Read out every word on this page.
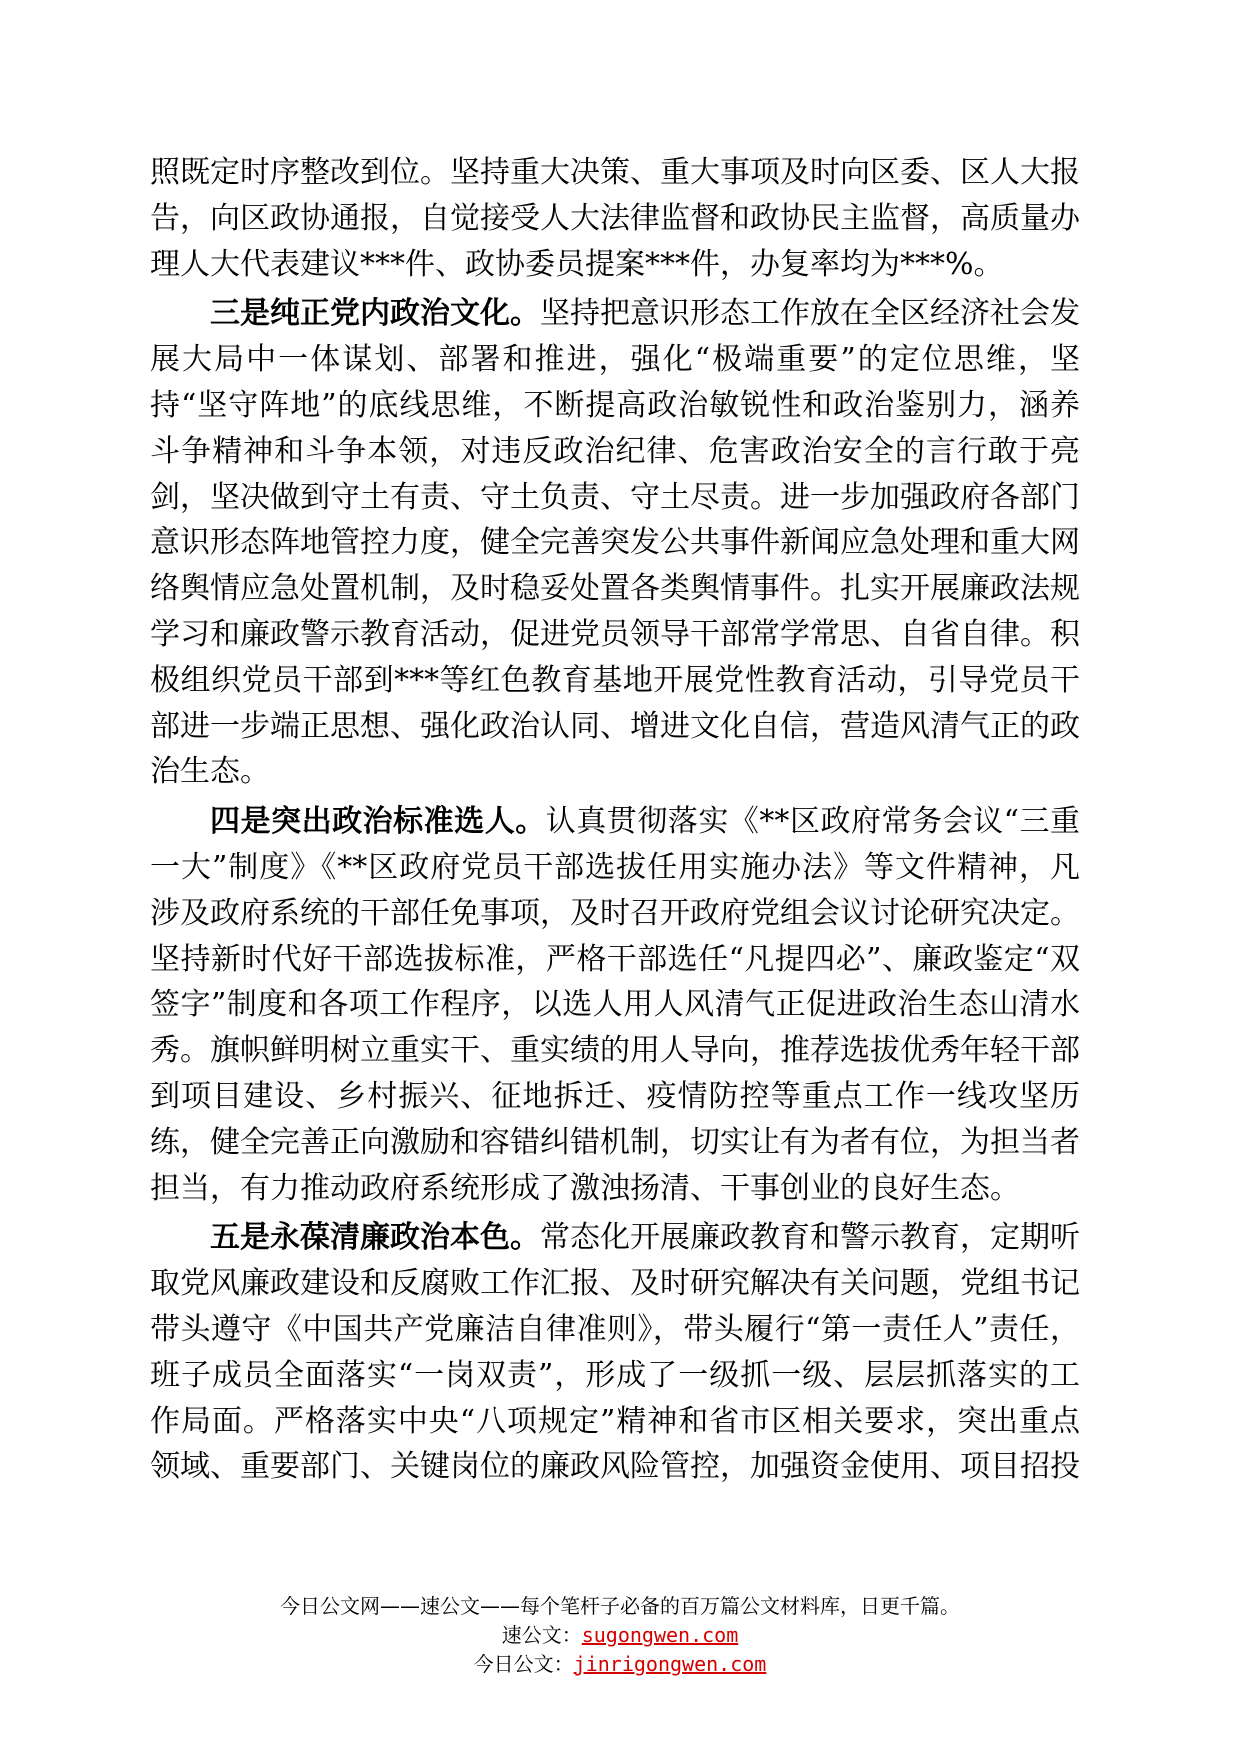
照既定时序整改到位。坚持重大决策、重大事项及时向区委、区人大报告，向区政协通报，自觉接受人大法律监督和政协民主监督，高质量办理人大代表建议***件、政协委员提案***件，办复率均为***%。

三是纯正党内政治文化。坚持把意识形态工作放在全区经济社会发展大局中一体谋划、部署和推进，强化“极端重要”的定位思维，坚持“坚守阵地”的底线思维，不断提高政治敏锐性和政治鉴别力，涵养斗争精神和斗争本领，对违反政治纪律、危害政治安全的言行敢于亮剑，坚决做到守土有责、守土负责、守土尽责。进一步加强政府各部门意识形态阵地管控力度，健全完善突发公共事件新闻应急处理和重大网络舆情应急处置机制，及时稳妥处置各类舆情事件。扎实开展廉政法规学习和廉政警示教育活动，促进党员领导干部常学常思、自省自律。积极组织党员干部到***等红色教育基地开展党性教育活动，引导党员干部进一步端正思想、强化政治认同、增进文化自信，营造风清气正的政治生态。

四是突出政治标准选人。认真贯彻落实《**区政府常务会议“三重一大”制度》《**区政府党员干部选拔任用实施办法》等文件精神，凡涉及政府系统的干部任免事项，及时召开政府党组会议讨论研究决定。坚持新时代好干部选拔标准，严格干部选任“凡提四必”、廉政鉴定“双签字”制度和各项工作程序，以选人用人风清气正促进政治生态山清水秀。旗帜鲜明树立重实干、重实绩的用人导向，推荐选拔优秀年轻干部到项目建设、乡村振兴、征地拆迁、疫情防控等重点工作一线攻坚历练，健全完善正向激励和容错纠错机制，切实让有为者有位，为担当者担当，有力推动政府系统形成了激浊扬清、干事创业的良好生态。

五是永葆清廉政治本色。常态化开展廉政教育和警示教育，定期听取党风廉政建设和反腐败工作汇报、及时研究解决有关问题，党组书记带头遵守《中国共产党廉洁自律准则》，带头履行“第一责任人”责任，班子成员全面落实“一岗双责”，形成了一级抓一级、层层抓落实的工作局面。严格落实中央“八项规定”精神和省市区相关要求，突出重点领域、重要部门、关键岗位的廉政风险管控，加强资金使用、项目招投

今日公文网——速公文——每个笔杆子必备的百万篇公文材料库，日更千篇。
速公文：sugongwen.com
今日公文：jinrigongwen.com
